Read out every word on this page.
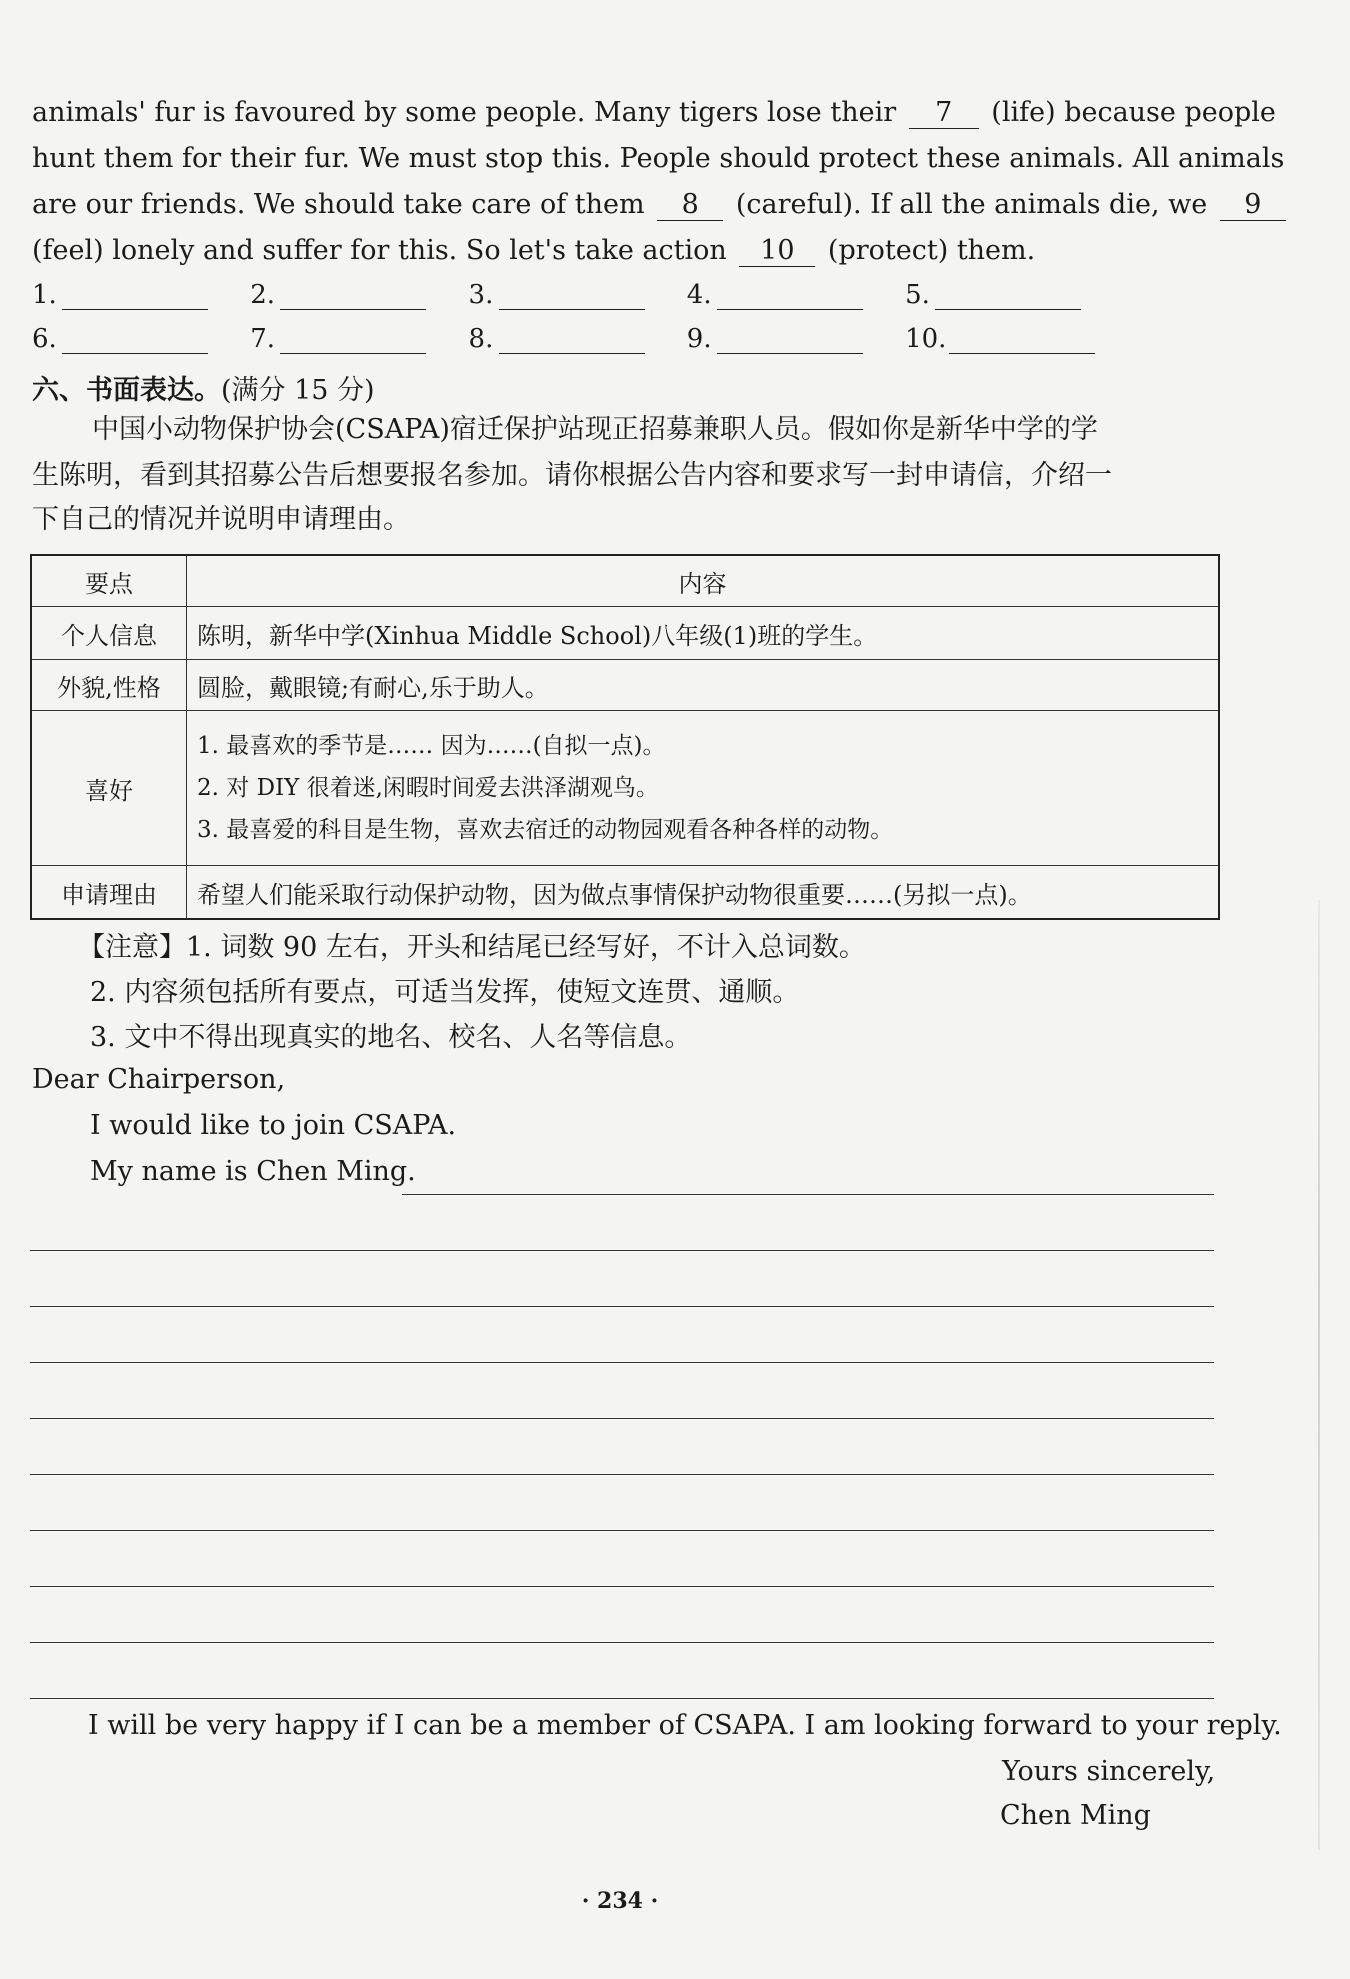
animals' fur is favoured by some people. Many tigers lose their 7 (life) because people
hunt them for their fur. We must stop this. People should protect these animals. All animals
are our friends. We should take care of them 8 (careful). If all the animals die, we 9
(feel) lonely and suffer for this. So let's take action 10 (protect) them.
1.	2.	3.	4.	5.
6.	7.	8.	9.	10.
六、书面表达。(满分 15 分)
中国小动物保护协会(CSAPA)宿迁保护站现正招募兼职人员。假如你是新华中学的学
生陈明，看到其招募公告后想要报名参加。请你根据公告内容和要求写一封申请信，介绍一
下自己的情况并说明申请理由。
要点	内容
个人信息	陈明，新华中学(Xinhua Middle School)八年级(1)班的学生。
外貌,性格	圆脸，戴眼镜;有耐心,乐于助人。
喜好	1. 最喜欢的季节是…… 因为……(自拟一点)。
2. 对 DIY 很着迷,闲暇时间爱去洪泽湖观鸟。
3. 最喜爱的科目是生物，喜欢去宿迁的动物园观看各种各样的动物。

申请理由	希望人们能采取行动保护动物，因为做点事情保护动物很重要……(另拟一点)。
【注意】1. 词数 90 左右，开头和结尾已经写好，不计入总词数。
2. 内容须包括所有要点，可适当发挥，使短文连贯、通顺。
3. 文中不得出现真实的地名、校名、人名等信息。
Dear Chairperson,
I would like to join CSAPA.
My name is Chen Ming.
I will be very happy if I can be a member of CSAPA. I am looking forward to your reply.
Yours sincerely,
Chen Ming
· 234 ·
